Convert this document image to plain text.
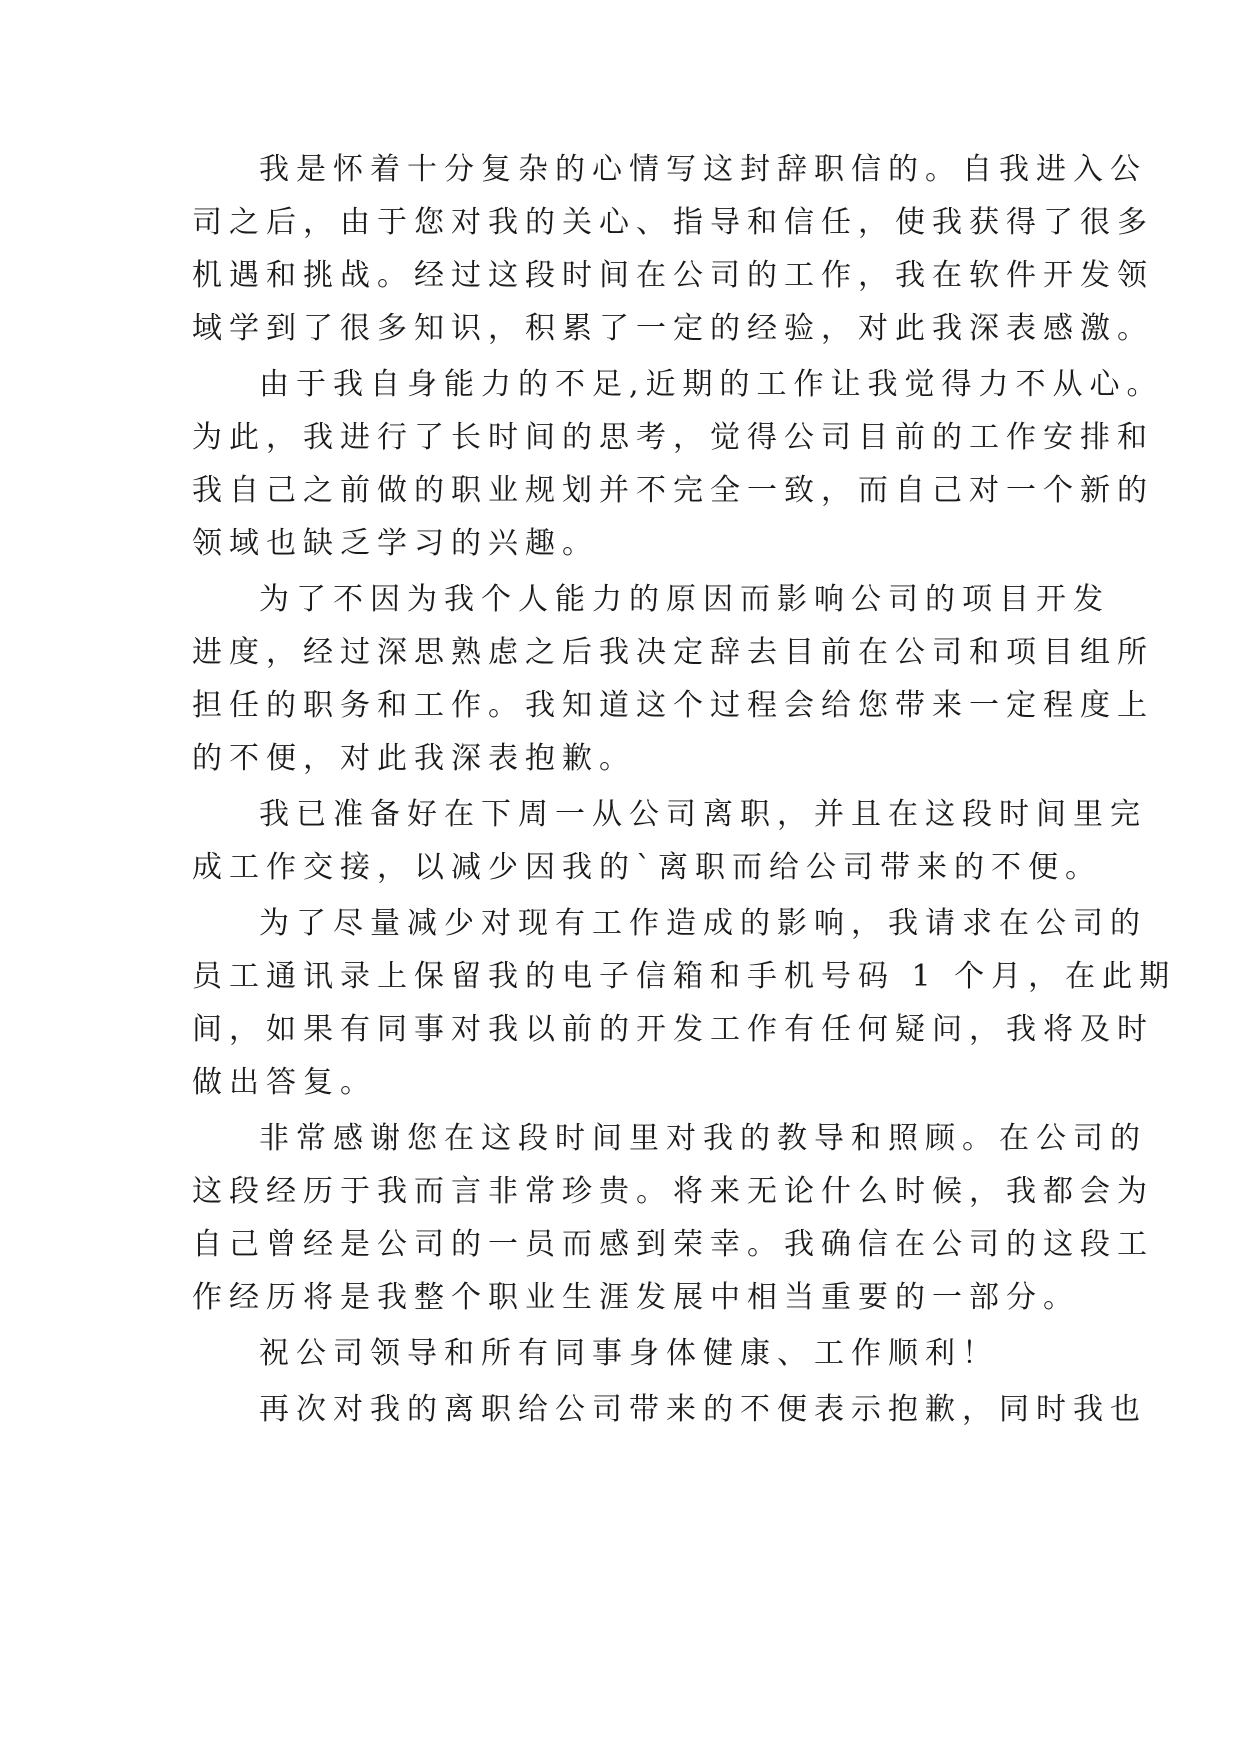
我是怀着十分复杂的心情写这封辞职信的。自我进入公

司之后，由于您对我的关心、指导和信任，使我获得了很多

机遇和挑战。经过这段时间在公司的工作，我在软件开发领

域学到了很多知识，积累了一定的经验，对此我深表感激。

由于我自身能力的不足,近期的工作让我觉得力不从心。

为此，我进行了长时间的思考，觉得公司目前的工作安排和

我自己之前做的职业规划并不完全一致，而自己对一个新的

领域也缺乏学习的兴趣。

为了不因为我个人能力的原因而影响公司的项目开发

进度，经过深思熟虑之后我决定辞去目前在公司和项目组所

担任的职务和工作。我知道这个过程会给您带来一定程度上

的不便，对此我深表抱歉。

我已准备好在下周一从公司离职，并且在这段时间里完

成工作交接，以减少因我的`离职而给公司带来的不便。

为了尽量减少对现有工作造成的影响，我请求在公司的

员工通讯录上保留我的电子信箱和手机号码 1 个月，在此期

间，如果有同事对我以前的开发工作有任何疑问，我将及时

做出答复。

非常感谢您在这段时间里对我的教导和照顾。在公司的

这段经历于我而言非常珍贵。将来无论什么时候，我都会为

自己曾经是公司的一员而感到荣幸。我确信在公司的这段工

作经历将是我整个职业生涯发展中相当重要的一部分。

祝公司领导和所有同事身体健康、工作顺利！

再次对我的离职给公司带来的不便表示抱歉，同时我也
